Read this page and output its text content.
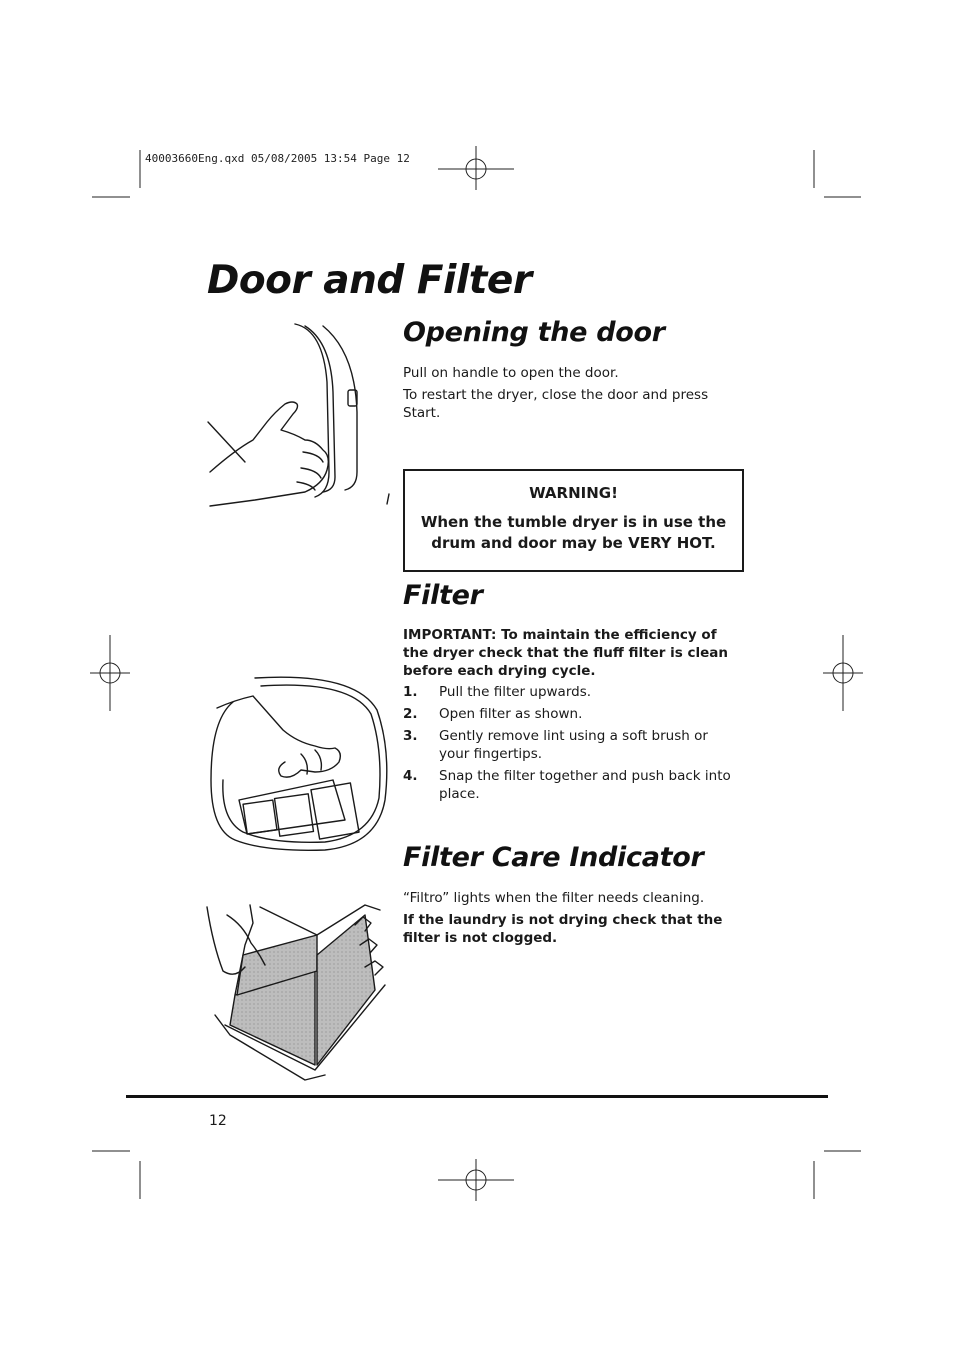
40003660Eng.qxd 05/08/2005 13:54 Page 12
Door and Filter
Opening the door

Pull on handle to open the door.

To restart the dryer, close the door and press Start.

WARNING!
When the tumble dryer is in use the drum and door may be VERY HOT.
Filter

IMPORTANT: To maintain the efficiency of the dryer check that the fluff filter is clean before each drying cycle.

1.	Pull the filter upwards.
2.	Open filter as shown.
3.	Gently remove lint using a soft brush or your fingertips.
4.	Snap the filter together and push back into place.
Filter Care Indicator

“Filtro” lights when the filter needs cleaning.

If the laundry is not drying check that the filter is not clogged.

12
